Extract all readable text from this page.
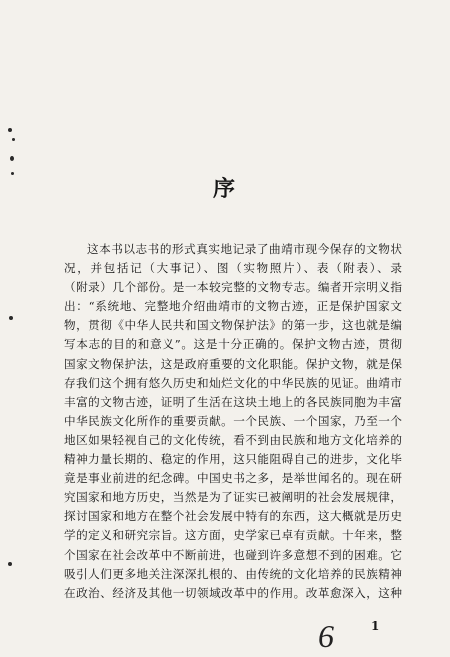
序
这本书以志书的形式真实地记录了曲靖市现今保存的文物状
况，并包括记（大事记）、图（实物照片）、表（附表）、录
（附录）几个部份。是一本较完整的文物专志。编者开宗明义指
出：“系统地、完整地介绍曲靖市的文物古迹，正是保护国家文
物，贯彻《中华人民共和国文物保护法》的第一步，这也就是编
写本志的目的和意义”。这是十分正确的。保护文物古迹，贯彻
国家文物保护法，这是政府重要的文化职能。保护文物，就是保
存我们这个拥有悠久历史和灿烂文化的中华民族的见证。曲靖市
丰富的文物古迹，证明了生活在这块土地上的各民族同胞为丰富
中华民族文化所作的重要贡献。一个民族、一个国家，乃至一个
地区如果轻视自己的文化传统，看不到由民族和地方文化培养的
精神力量长期的、稳定的作用，这只能阻碍自己的进步，文化毕
竟是事业前进的纪念碑。中国史书之多，是举世闻名的。现在研
究国家和地方历史，当然是为了证实已被阐明的社会发展规律，
探讨国家和地方在整个社会发展中特有的东西，这大概就是历史
学的定义和研究宗旨。这方面，史学家已卓有贡献。十年来，整
个国家在社会改革中不断前进，也碰到许多意想不到的困难。它
吸引人们更多地关注深深扎根的、由传统的文化培养的民族精神
在政治、经济及其他一切领域改革中的作用。改革愈深入，这种
6	1
